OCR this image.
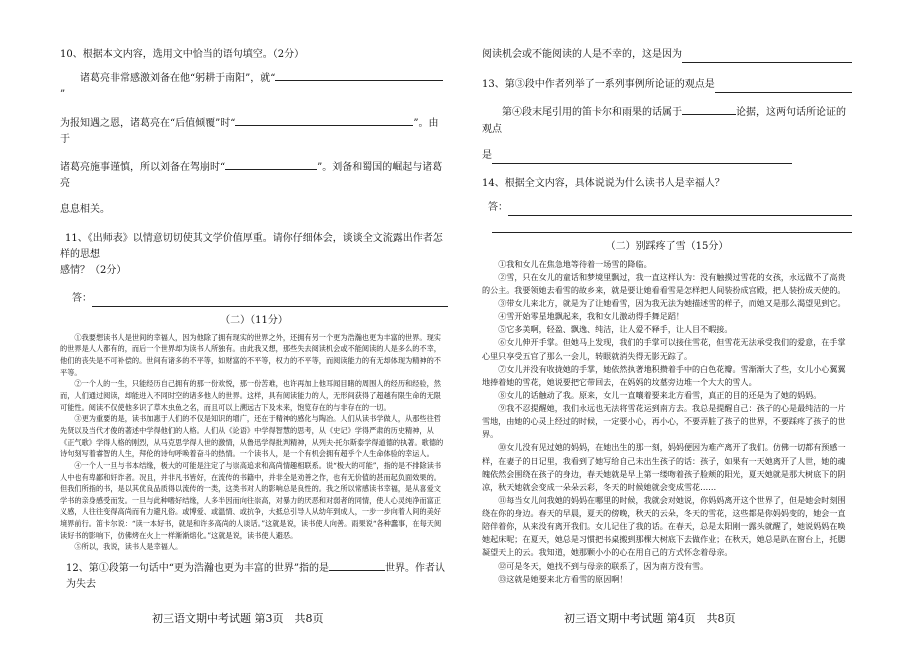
10、根据本文内容，选用文中恰当的语句填空。（2分）

诸葛亮非常感激刘备在他“躬耕于南阳”，就“”

为报知遇之恩，诸葛亮在“后值倾覆”时“	”。由于

诸葛亮施事谨慎，所以刘备在驾崩时“	”。刘备和蜀国的崛起与诸葛亮

息息相关。

11、《出师表》以情意切切使其文学价值厚重。请你仔细体会，谈谈全文流露出作者怎样的思想

感情？（2分）

答：

（二）（11分）

①我要想读书人是世间的幸福人，因为他除了拥有现实的世界之外，还拥有另一个更为浩瀚也更为丰富的世界。现实的世界是人人都有的，而后一个世界却为读书人所独有。由此我又想，那些失去阅读机会或不能阅读的人是多么的不幸，他们的丧失是不可补偿的。世间有诸多的不平等，如财富的不平等，权力的不平等，而阅读能力的有无却体现为精神的不平等。

②一个人的一生，只能经历自己拥有的那一份欢悦，那一份苦难，也许再加上他耳闻目睹的周围人的经历和经验，然而，人们通过阅读，却能进入不同时空的诸多他人的世界。这样，具有阅读能力的人，无形间获得了超越有限生命的无限可能性。阅读不仅使他多识了草木虫鱼之名，而且可以上溯远古下及未来，饱览存在的与非存在的一切。

③更为重要的是，读书加惠于人们的不仅是知识的增广，还在于精神的感化与陶冶。人们从读书学做人，从那些往哲先贤以及当代才俊的著述中学得他们的人格。人们从《论语》中学得智慧的思考，从《史记》学得严肃的历史精神，从《正气歌》学得人格的刚烈，从马克思学得人世的激情，从鲁迅学得批判精神，从列夫·托尔斯泰学得道德的执著。歌德的诗句刻写着睿智的人生，拜伦的诗句呼唤着奋斗的热情。一个读书人，是一个有机会拥有超乎个人生命体验的幸运人。

④一个人一旦与书本结缘，极大的可能是注定了与崇高追求和高尚情趣相联系。说“极大的可能”，指的是不排除读书人中也有卑鄙和奸诈者。况且，并非凡书皆好，在流传的书籍中，并非全是劝善之作，也有无价值的甚而起负面效果的。但我们所指的书，是以其优良品质得以流传的一类，这类书对人的影响总是良性的。我之所以常感读书幸福，是从喜爱文学书的亲身感受而发。一旦与此种嗜好结缘，人多半因而向往崇高，对暴力的厌恶和对弱者的同情，使人心灵纯净而富正义感，人往往变得高尚而有力避凡俗。或博爱、或温情、或抗争，大抵总引导人从幼年到成人，一步一步向着人间的美好境界前行。笛卡尔说：“读一本好书，就是和许多高尚的人谈话。”这就是说，读书使人向善。雨果说“各种蠢事，在每天阅读好书的影响下，仿佛烤在火上一样渐渐熔化。”这就是说，读书使人避恶。

⑤所以，我说，读书人是幸福人。

12、第①段第一句话中“更为浩瀚也更为丰富的世界”指的是	世界。作者认为失去

初三语文期中考试题 第3页　共8页	初三语文期中考试题 第4页　共8页

阅读机会或不能阅读的人是不幸的，这是因为

13、第③段中作者列举了一系列事例所论证的观点是

第④段末尾引用的笛卡尔和雨果的话属于	论据，这两句话所论证的观点

是

14、根据全文内容，具体说说为什么读书人是幸福人？

答：

（二）别踩疼了雪（15分）

①我和女儿在焦急地等待着一场雪的降临。

②雪，只在女儿的童话和梦境里飘过，我一直这样认为：没有触摸过雪花的女孩，永远做不了高贵的公主。我要领她去看雪的故乡来，就是要让她看看雪是怎样把人间装扮成宫殿，把人装扮成天使的。

③带女儿来北方，就是为了让她看雪，因为我无法为她描述雪的样子，而她又是那么渴望见到它。

④雪开始零星地飘起来，我和女儿激动得手舞足蹈！

⑤它多美啊，轻盈、飘逸、纯洁，让人爱不释手，让人目不暇接。

⑥女儿伸开手掌。但她马上发现，我们的手掌可以接住雪花，但雪花无法承受我们的爱意，在手掌心里只享受五官了那么一会儿，转眼就消失得无影无踪了。

⑦女儿并没有收拢她的手掌，她依然执著地积攒着手中的白色花瓣。雪渐渐大了些，女儿小心翼翼地捧着她的雪花，她说要把它带回去，在妈妈的坟墓旁边堆一个大大的雪人。

⑧女儿的话触动了我。原来，女儿一直嚷着要来北方看雪，真正的目的还是为了她的妈妈。

⑨我不忍提醒她，我们永远也无法将雪花运到南方去。我总是提醒自己：孩子的心是最纯洁的一片雪地，由她的心灵上经过的时候，一定要小心，再小心，不要弄脏了孩子的世界，不要踩疼了孩子的世界。

⑩女儿没有见过她的妈妈，在她出生的那一刻，妈妈便因为难产离开了我们。仿佛一切都有预感一样，在妻子的日记里，我看到了她写给自己未出生孩子的话：孩子，如果有一天她离开了人世，她的魂魄依然会围绕在孩子的身边，春天她就是早上第一缕吻着孩子脸颊的阳光，夏天她就是那大树底下的阴凉，秋天她就会变成一朵朵云彩，冬天的时候她就会变成雪花……

⑪每当女儿问我她的妈妈在哪里的时候，我就会对她说，你妈妈离开这个世界了，但是她会时刻围绕在你的身边。春天的早晨，夏天的傍晚，秋天的云朵，冬天的雪花，这些都是你妈妈变的，她会一直陪伴着你，从来没有离开我们。女儿记住了我的话。在春天，总是太阳刚一露头就醒了，她说妈妈在唤她起床呢；在夏天，她总是习惯把书桌搬到那棵大树底下去做作业；在秋天，她总是趴在窗台上，托腮凝望天上的云。我知道，她那颗小小的心在用自己的方式怀念着母亲。

⑫可是冬天，她找不到与母亲的联系了，因为南方没有雪。

⑬这就是她要来北方看雪的原因啊！
